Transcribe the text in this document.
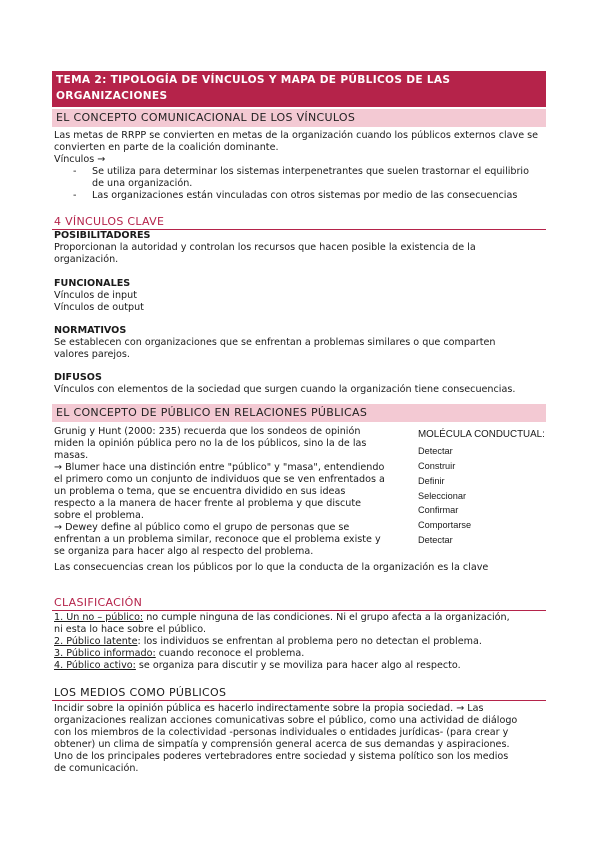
TEMA 2: TIPOLOGÍA DE VÍNCULOS Y MAPA DE PÚBLICOS DE LAS ORGANIZACIONES
EL CONCEPTO COMUNICACIONAL DE LOS VÍNCULOS
Las metas de RRPP se convierten en metas de la organización cuando los públicos externos clave se convierten en parte de la coalición dominante.
Vínculos →
- Se utiliza para determinar los sistemas interpenetrantes que suelen trastornar el equilibrio de una organización.
- Las organizaciones están vinculadas con otros sistemas por medio de las consecuencias
4 VÍNCULOS CLAVE
POSIBILITADORES
Proporcionan la autoridad y controlan los recursos que hacen posible la existencia de la
organización.
FUNCIONALES
Vínculos de input
Vínculos de output
NORMATIVOS
Se establecen con organizaciones que se enfrentan a problemas similares o que comparten
valores parejos.
DIFUSOS
Vínculos con elementos de la sociedad que surgen cuando la organización tiene consecuencias.
EL CONCEPTO DE PÚBLICO EN RELACIONES PÚBLICAS
Grunig y Hunt (2000: 235) recuerda que los sondeos de opinión
miden la opinión pública pero no la de los públicos, sino la de las
masas.
→ Blumer hace una distinción entre "público" y "masa", entendiendo
el primero como un conjunto de individuos que se ven enfrentados a
un problema o tema, que se encuentra dividido en sus ideas
respecto a la manera de hacer frente al problema y que discute
sobre el problema.
→ Dewey define al público como el grupo de personas que se
enfrentan a un problema similar, reconoce que el problema existe y
se organiza para hacer algo al respecto del problema.
Las consecuencias crean los públicos por lo que la conducta de la organización es la clave
MOLÉCULA CONDUCTUAL:
Detectar
Construir
Definir
Seleccionar
Confirmar
Comportarse
Detectar
CLASIFICACIÓN
1. Un no – público: no cumple ninguna de las condiciones. Ni el grupo afecta a la organización,
ni esta lo hace sobre el público.
2. Público latente: los individuos se enfrentan al problema pero no detectan el problema.
3. Público informado: cuando reconoce el problema.
4. Público activo: se organiza para discutir y se moviliza para hacer algo al respecto.
LOS MEDIOS COMO PÚBLICOS
Incidir sobre la opinión pública es hacerlo indirectamente sobre la propia sociedad. → Las
organizaciones realizan acciones comunicativas sobre el público, como una actividad de diálogo
con los miembros de la colectividad -personas individuales o entidades jurídicas- (para crear y
obtener) un clima de simpatía y comprensión general acerca de sus demandas y aspiraciones.
Uno de los principales poderes vertebradores entre sociedad y sistema político son los medios
de comunicación.
